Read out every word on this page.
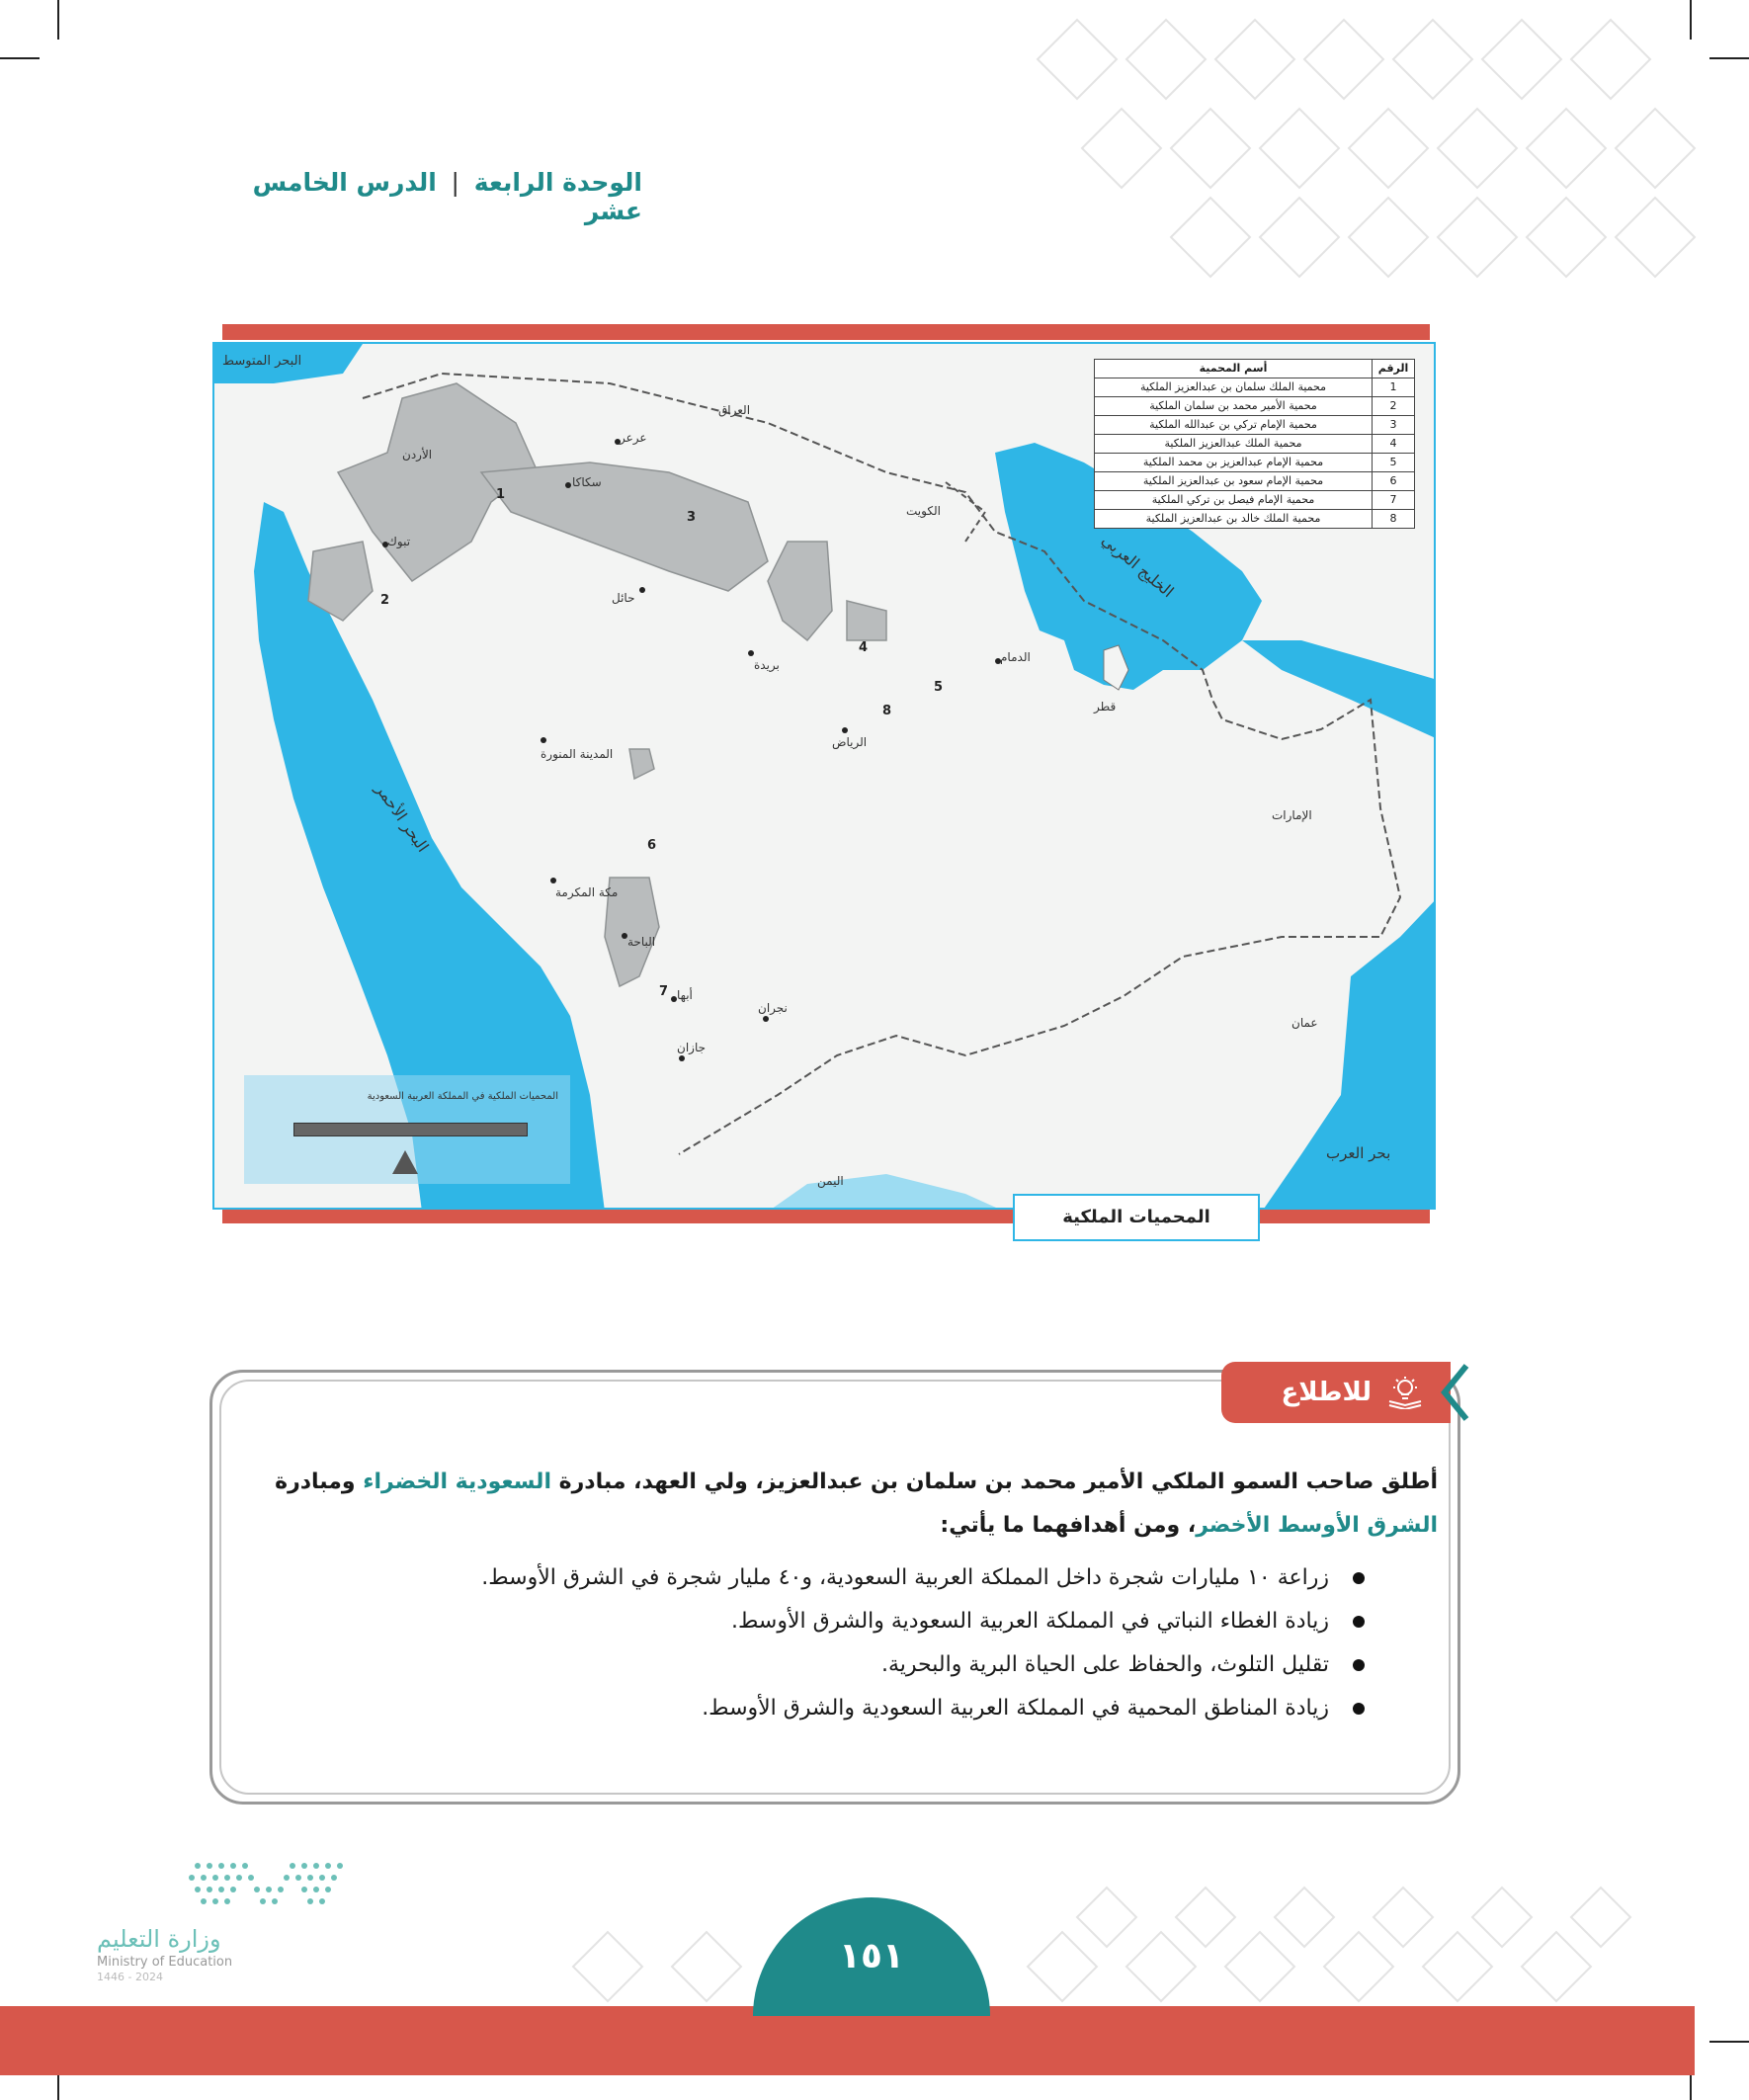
الوحدة الرابعة | الدرس الخامس عشر
الرقم	أسم المحمية
1	محمية الملك سلمان بن عبدالعزيز الملكية
2	محمية الأمير محمد بن سلمان الملكية
3	محمية الإمام تركي بن عبدالله الملكية
4	محمية الملك عبدالعزيز الملكية
5	محمية الإمام عبدالعزيز بن محمد الملكية
6	محمية الإمام سعود بن عبدالعزيز الملكية
7	محمية الإمام فيصل بن تركي الملكية
8	محمية الملك خالد بن عبدالعزيز الملكية
البحر المتوسط
البحر الأحمر
الخليج العربي
بحر العرب
الأردن
العراق
الكويت
قطر
الإمارات
عمان
اليمن
عرعر
سكاكا
تبوك
حائل
بريدة
المدينة المنورة
الرياض
الدمام
مكة المكرمة
الباحة
أبها
نجران
جازان
1
2
3
4
5
6
7
8
المحميات الملكية في المملكة العربية السعودية
المحميات الملكية
للاطلاع
أطلق صاحب السمو الملكي الأمير محمد بن سلمان بن عبدالعزيز، ولي العهد، مبادرة السعودية الخضراء ومبادرة الشرق الأوسط الأخضر، ومن أهدافهما ما يأتي:
زراعة ١٠ مليارات شجرة داخل المملكة العربية السعودية، و٤٠ مليار شجرة في الشرق الأوسط.
زيادة الغطاء النباتي في المملكة العربية السعودية والشرق الأوسط.
تقليل التلوث، والحفاظ على الحياة البرية والبحرية.
زيادة المناطق المحمية في المملكة العربية السعودية والشرق الأوسط.
وزارة التعليم
Ministry of Education
2024 - 1446
١٥١
